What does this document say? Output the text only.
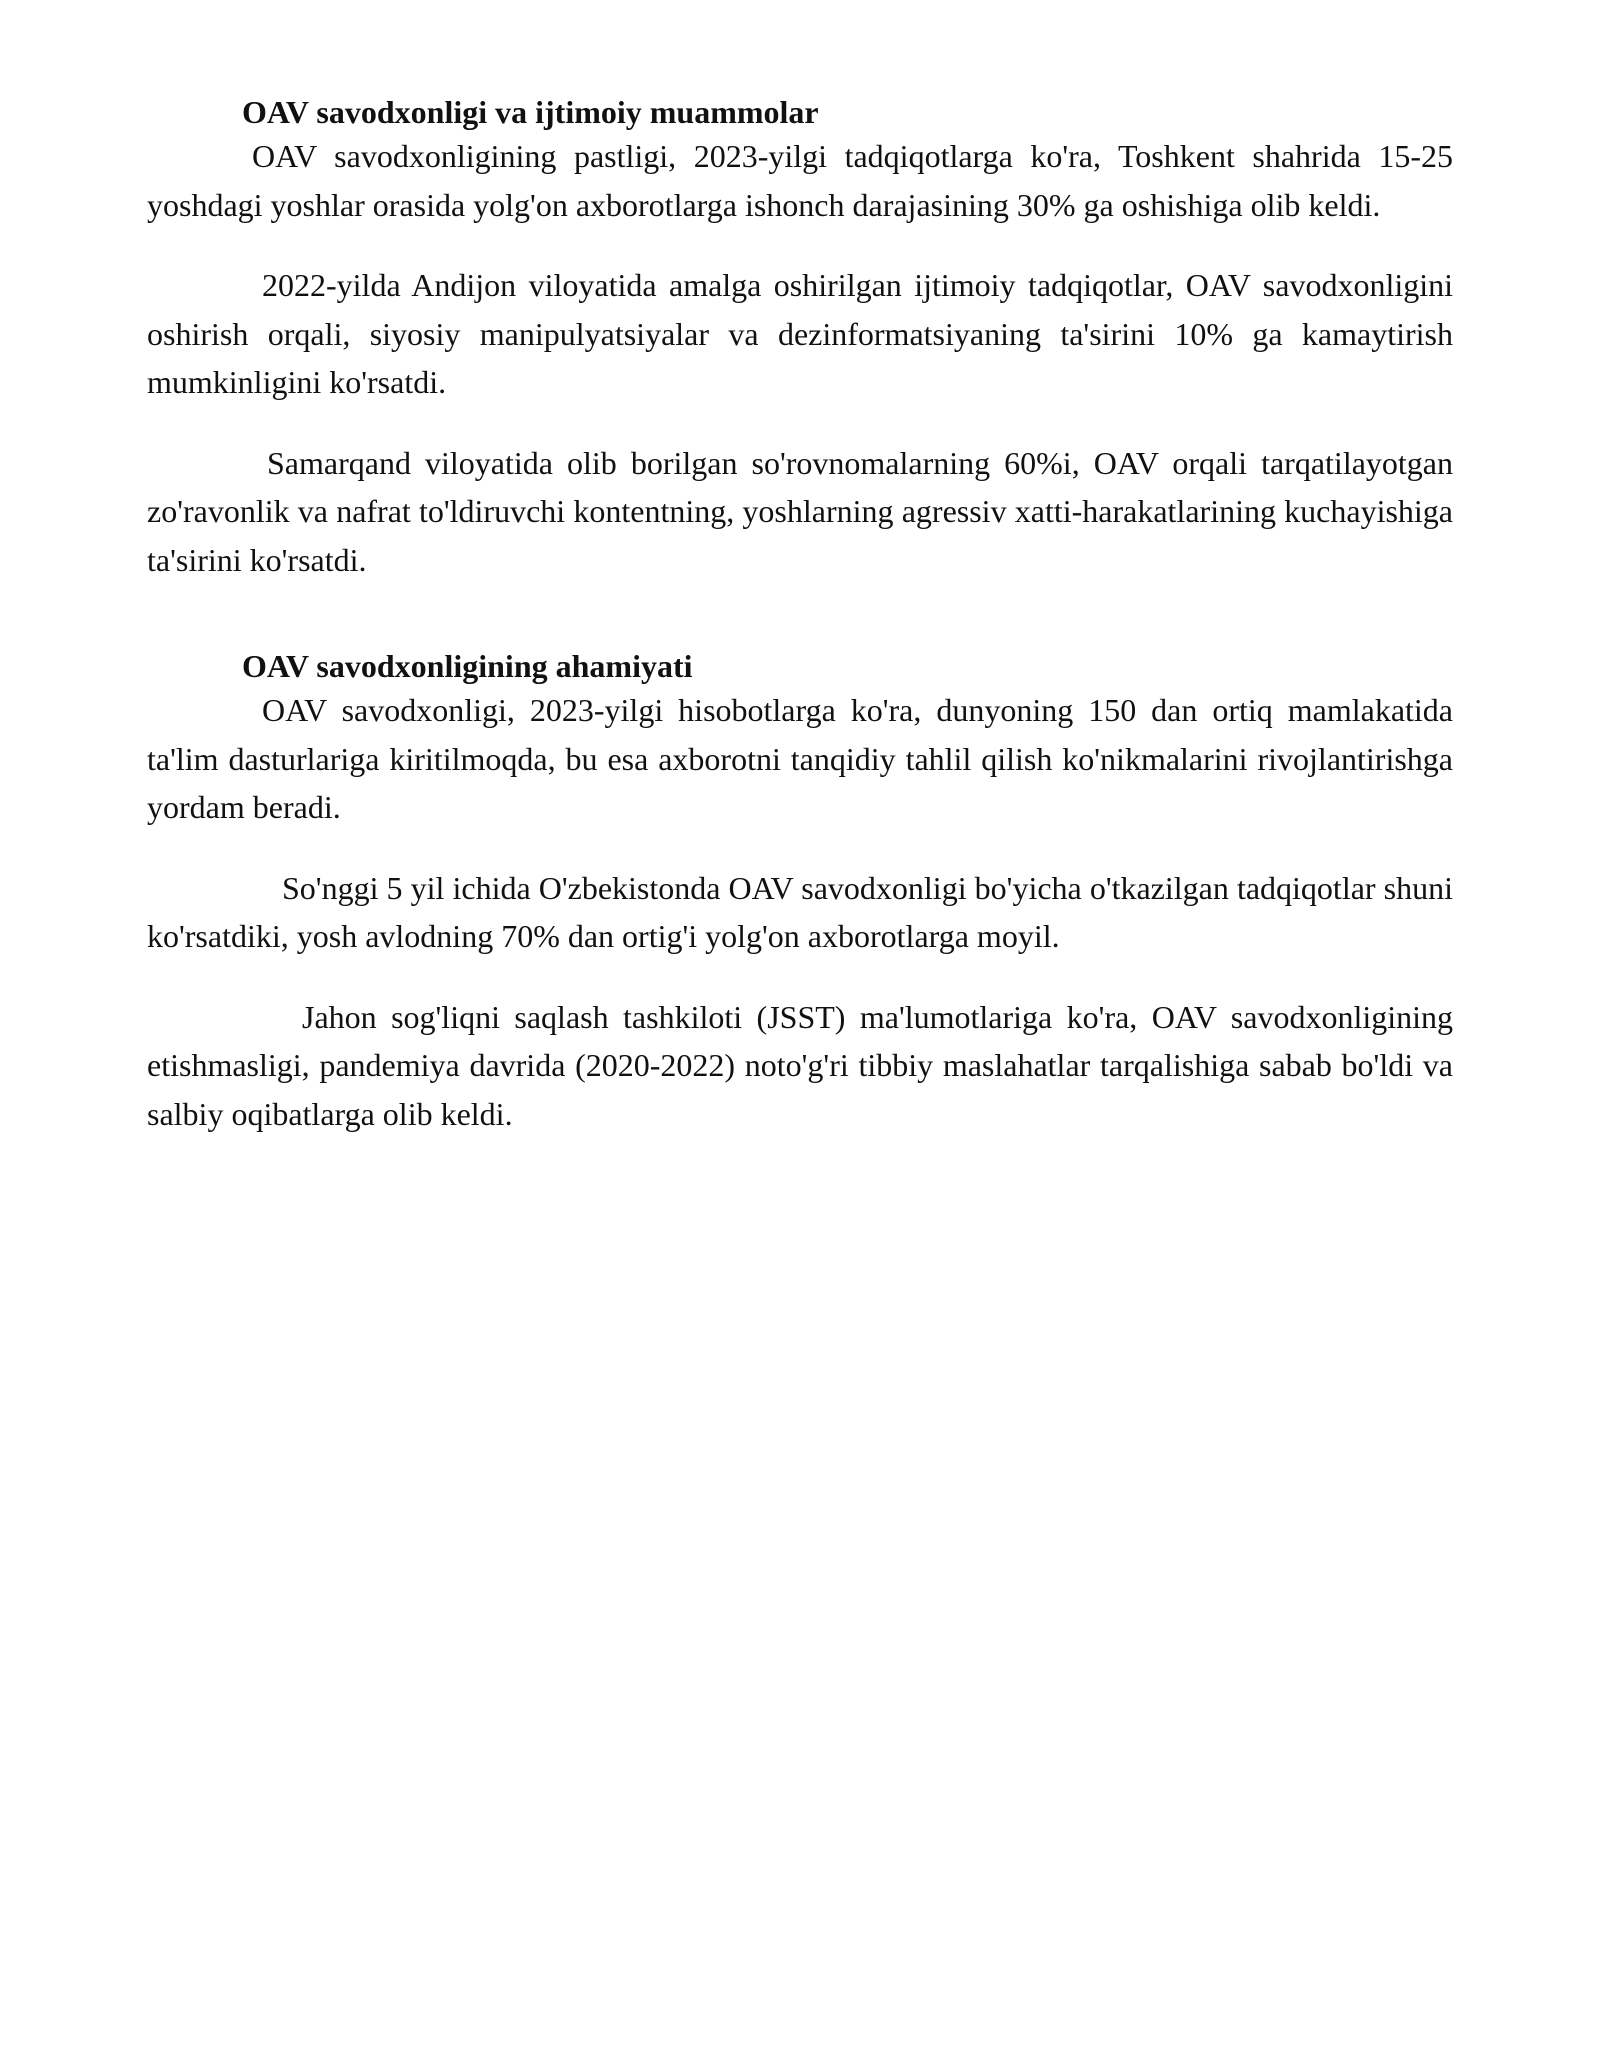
OAV savodxonligi va ijtimoiy muammolar

OAV savodxonligining pastligi, 2023-yilgi tadqiqotlarga ko'ra, Toshkent shahrida 15-25 yoshdagi yoshlar orasida yolg'on axborotlarga ishonch darajasining 30% ga oshishiga olib keldi.

2022-yilda Andijon viloyatida amalga oshirilgan ijtimoiy tadqiqotlar, OAV savodxonligini oshirish orqali, siyosiy manipulyatsiyalar va dezinformatsiyaning ta'sirini 10% ga kamaytirish mumkinligini ko'rsatdi.

Samarqand viloyatida olib borilgan so'rovnomalarning 60%i, OAV orqali tarqatilayotgan zo'ravonlik va nafrat to'ldiruvchi kontentning, yoshlarning agressiv xatti-harakatlarining kuchayishiga ta'sirini ko'rsatdi.

OAV savodxonligining ahamiyati

OAV savodxonligi, 2023-yilgi hisobotlarga ko'ra, dunyoning 150 dan ortiq mamlakatida ta'lim dasturlariga kiritilmoqda, bu esa axborotni tanqidiy tahlil qilish ko'nikmalarini rivojlantirishga yordam beradi.

So'nggi 5 yil ichida O'zbekistonda OAV savodxonligi bo'yicha o'tkazilgan tadqiqotlar shuni ko'rsatdiki, yosh avlodning 70% dan ortig'i yolg'on axborotlarga moyil.

Jahon sog'liqni saqlash tashkiloti (JSST) ma'lumotlariga ko'ra, OAV savodxonligining etishmasligi, pandemiya davrida (2020-2022) noto'g'ri tibbiy maslahatlar tarqalishiga sabab bo'ldi va salbiy oqibatlarga olib keldi.
